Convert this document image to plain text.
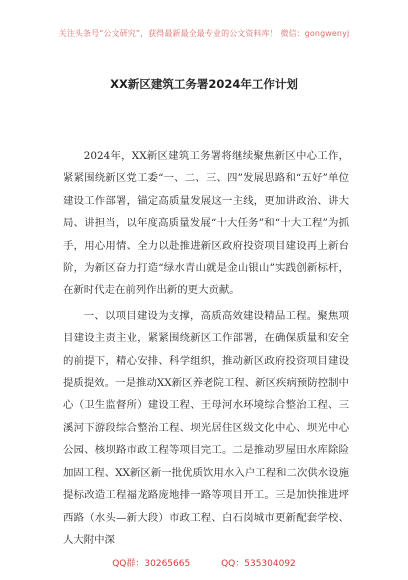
关注头条号“公文研究”，获得最新最全最专业的公文资料库！ 微信：gongwenyj
XX新区建筑工务署2024年工作计划

2024年，XX新区建筑工务署将继续聚焦新区中心工作，紧紧围绕新区党工委“一、二、三、四”发展思路和“五好”单位建设工作部署，锚定高质量发展这一主线，更加讲政治、讲大局、讲担当，以年度高质量发展“十大任务”和“十大工程”为抓手，用心用情、全力以赴推进新区政府投资项目建设再上新台阶，为新区奋力打造“绿水青山就是金山银山”实践创新标杆，在新时代走在前列作出新的更大贡献。

一、以项目建设为支撑，高质高效建设精品工程。聚焦项目建设主责主业，紧紧围绕新区工作部署，在确保质量和安全的前提下，精心安排、科学组织，推动新区政府投资项目建设提质提效。一是推动XX新区养老院工程、新区疾病预防控制中心（卫生监督所）建设工程、王母河水环境综合整治工程、三溪河下游段综合整治工程、坝光居住区级文化中心、坝光中心公园、核坝路市政工程等项目完工。二是推动罗屋田水库除险加固工程、XX新区新一批优质饮用水入户工程和二次供水设施提标改造工程福龙路庞地排一路等项目开工。三是加快推进坪西路（水头—新大段）市政工程、白石岗城市更新配套学校、人大附中深

QQ群：30265665	QQ：535304092
